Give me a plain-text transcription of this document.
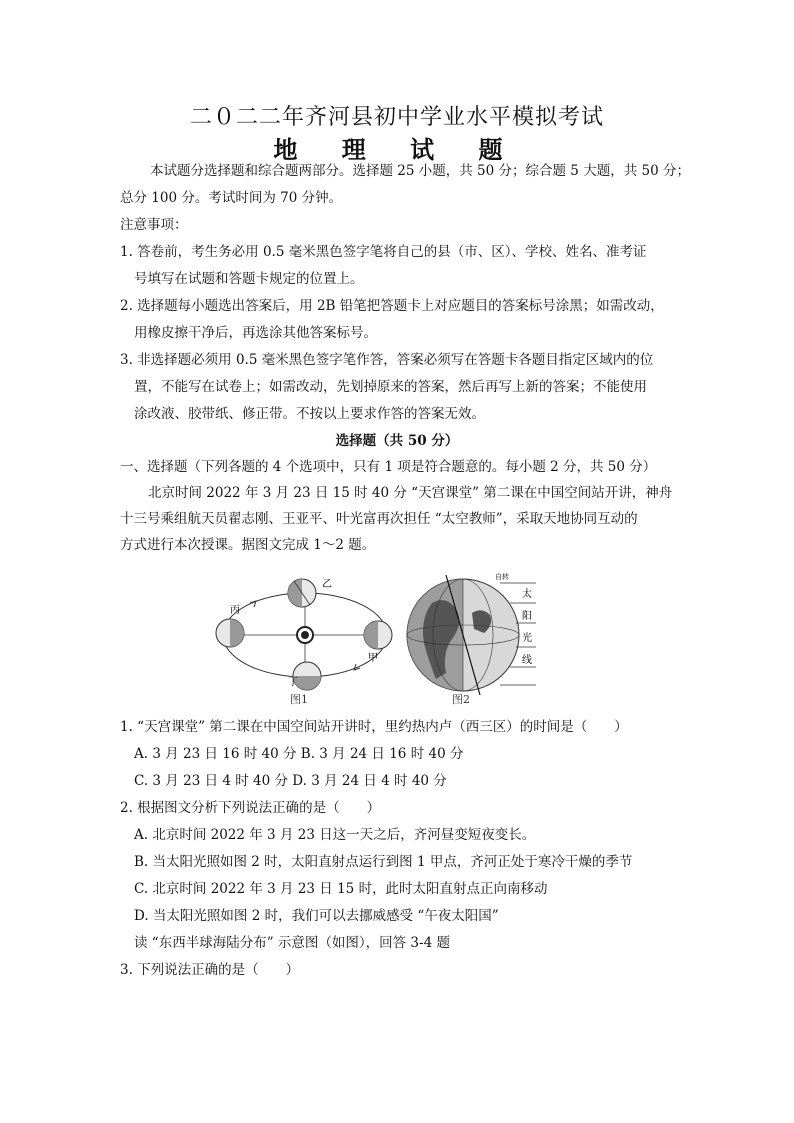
二０二二年齐河县初中学业水平模拟考试
地 理 试 题
本试题分选择题和综合题两部分。选择题 25 小题，共 50 分；综合题 5 大题，共 50 分；
总分 100 分。考试时间为 70 分钟。
注意事项：
1. 答卷前，考生务必用 0.5 毫米黑色签字笔将自己的县（市、区）、学校、姓名、准考证
号填写在试题和答题卡规定的位置上。
2. 选择题每小题选出答案后，用 2B 铅笔把答题卡上对应题目的答案标号涂黑；如需改动，
用橡皮擦干净后，再选涂其他答案标号。
3. 非选择题必须用 0.5 毫米黑色签字笔作答，答案必须写在答题卡各题目指定区域内的位
置，不能写在试卷上；如需改动，先划掉原来的答案，然后再写上新的答案；不能使用
涂改液、胶带纸、修正带。不按以上要求作答的答案无效。
选择题（共 50 分）
一、选择题（下列各题的 4 个选项中，只有 1 项是符合题意的。每小题 2 分，共 50 分）
北京时间 2022 年 3 月 23 日 15 时 40 分 “天宫课堂” 第二课在中国空间站开讲，神舟
十三号乘组航天员翟志刚、王亚平、叶光富再次担任 “太空教师”，采取天地协同互动的
方式进行本次授课。据图文完成 1～2 题。
乙
丙
丁
甲
自转
太
阳
光
线
图1	图2
1. “天宫课堂” 第二课在中国空间站开讲时，里约热内卢（西三区）的时间是（　　）
A. 3 月 23 日 16 时 40 分 B. 3 月 24 日 16 时 40 分
C. 3 月 23 日 4 时 40 分 D. 3 月 24 日 4 时 40 分
2. 根据图文分析下列说法正确的是（　　）
A. 北京时间 2022 年 3 月 23 日这一天之后，齐河昼变短夜变长。
B. 当太阳光照如图 2 时，太阳直射点运行到图 1 甲点，齐河正处于寒冷干燥的季节
C. 北京时间 2022 年 3 月 23 日 15 时，此时太阳直射点正向南移动
D. 当太阳光照如图 2 时，我们可以去挪威感受 “午夜太阳国”
读 “东西半球海陆分布” 示意图（如图），回答 3-4 题
3. 下列说法正确的是（　　）
